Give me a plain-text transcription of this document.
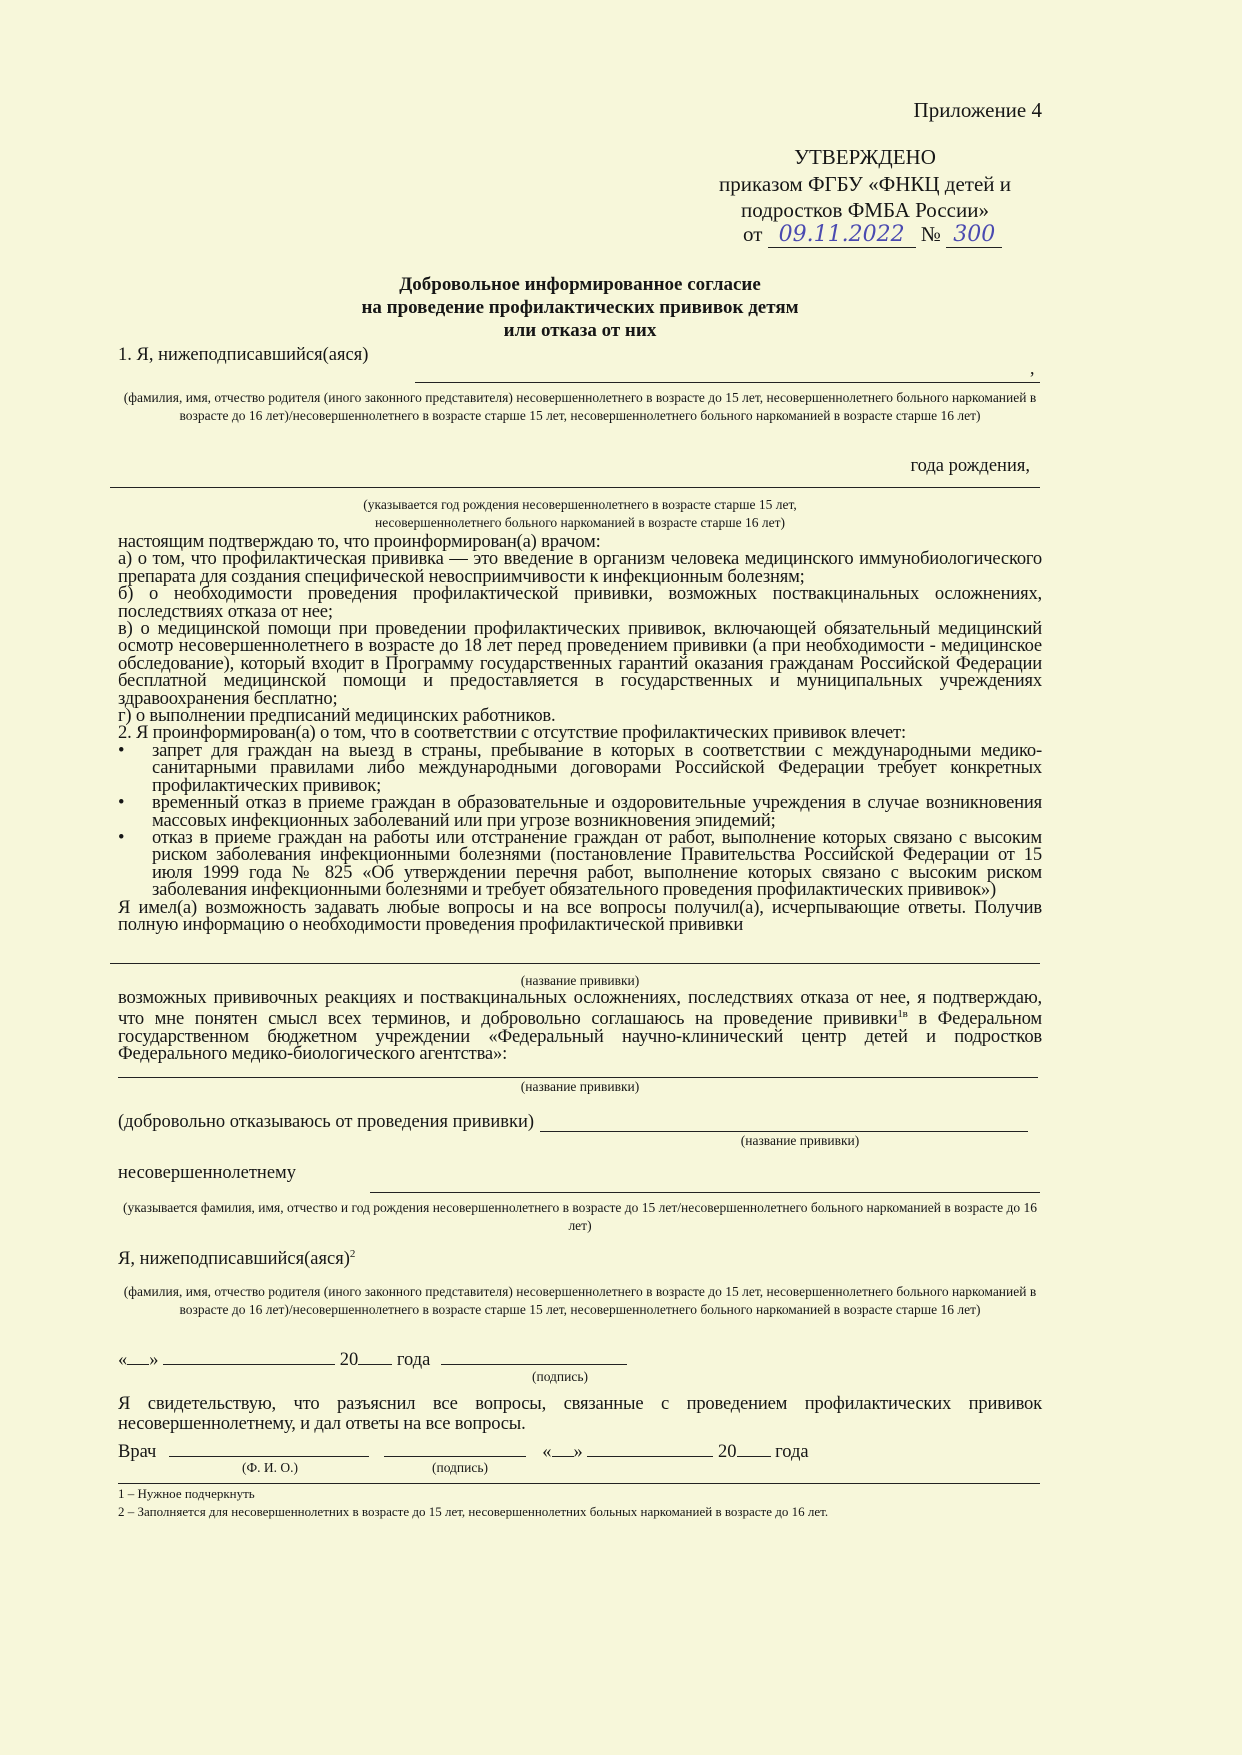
Приложение 4
УТВЕРЖДЕНО
приказом ФГБУ «ФНКЦ детей и
подростков ФМБА России»
от 09.11.2022 № 300
Добровольное информированное согласие
на проведение профилактических прививок детям
или отказа от них
1. Я, нижеподписавшийся(аяся)
,
(фамилия, имя, отчество родителя (иного законного представителя) несовершеннолетнего в возрасте до 15 лет, несовершеннолетнего больного наркоманией в возрасте до 16 лет)/несовершеннолетнего в возрасте старше 15 лет, несовершеннолетнего больного наркоманией в возрасте старше 16 лет)
года рождения,
(указывается год рождения несовершеннолетнего в возрасте старше 15 лет, несовершеннолетнего больного наркоманией в возрасте старше 16 лет)

настоящим подтверждаю то, что проинформирован(а) врачом:

а) о том, что профилактическая прививка — это введение в организм человека медицинского иммунобиологического препарата для создания специфической невосприимчивости к инфекционным болезням;

б) о необходимости проведения профилактической прививки, возможных поствакцинальных осложнениях, последствиях отказа от нее;

в) о медицинской помощи при проведении профилактических прививок, включающей обязательный медицинский осмотр несовершеннолетнего в возрасте до 18 лет перед проведением прививки (а при необходимости - медицинское обследование), который входит в Программу государственных гарантий оказания гражданам Российской Федерации бесплатной медицинской помощи и предоставляется в государственных и муниципальных учреждениях здравоохранения бесплатно;

г) о выполнении предписаний медицинских работников.

2. Я проинформирован(а) о том, что в соответствии с отсутствие профилактических прививок влечет:

• запрет для граждан на выезд в страны, пребывание в которых в соответствии с международными медико-санитарными правилами либо международными договорами Российской Федерации требует конкретных профилактических прививок;

• временный отказ в приеме граждан в образовательные и оздоровительные учреждения в случае возникновения массовых инфекционных заболеваний или при угрозе возникновения эпидемий;

• отказ в приеме граждан на работы или отстранение граждан от работ, выполнение которых связано с высоким риском заболевания инфекционными болезнями (постановление Правительства Российской Федерации от 15 июля 1999 года № 825 «Об утверждении перечня работ, выполнение которых связано с высоким риском заболевания инфекционными болезнями и требует обязательного проведения профилактических прививок»)

Я имел(а) возможность задавать любые вопросы и на все вопросы получил(а), исчерпывающие ответы. Получив полную информацию о необходимости проведения профилактической прививки

(название прививки)

возможных прививочных реакциях и поствакцинальных осложнениях, последствиях отказа от нее, я подтверждаю, что мне понятен смысл всех терминов, и добровольно соглашаюсь на проведение прививки$^{1в}$ в Федеральном государственном бюджетном учреждении «Федеральный научно-клинический центр детей и подростков Федерального медико-биологического агентства»:

(название прививки)
(добровольно отказываюсь от проведения прививки)
(название прививки)
несовершеннолетнему
(указывается фамилия, имя, отчество и год рождения несовершеннолетнего в возрасте до 15 лет/несовершеннолетнего больного наркоманией в возрасте до 16 лет)
Я, нижеподписавшийся(аяся)$^2$
(фамилия, имя, отчество родителя (иного законного представителя) несовершеннолетнего в возрасте до 15 лет, несовершеннолетнего больного наркоманией в возрасте до 16 лет)/несовершеннолетнего в возрасте старше 15 лет, несовершеннолетнего больного наркоманией в возрасте старше 16 лет)
« »	20 года
(подпись)
Я свидетельствую, что разъяснил все вопросы, связанные с проведением профилактических прививок несовершеннолетнему, и дал ответы на все вопросы.
Врач	« »	20 года
(Ф. И. О.)	(подпись)
1 – Нужное подчеркнуть
2 – Заполняется для несовершеннолетних в возрасте до 15 лет, несовершеннолетних больных наркоманией в возрасте до 16 лет.
